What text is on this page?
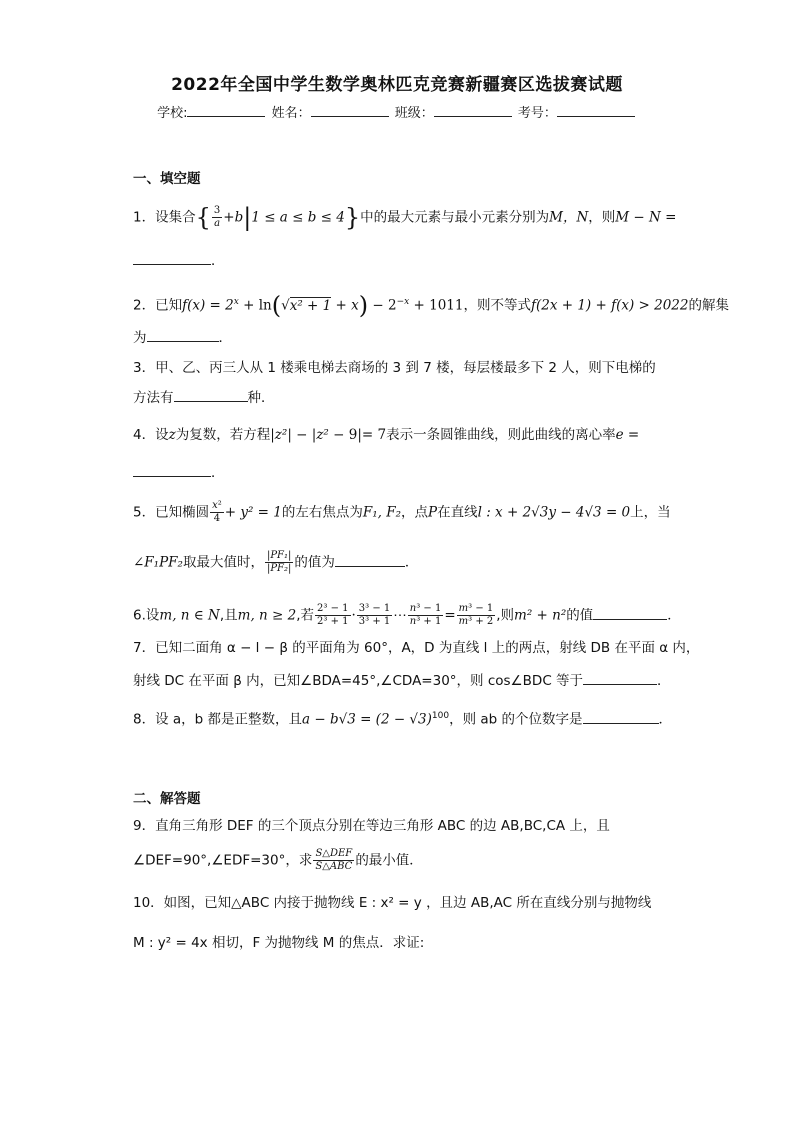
2022年全国中学生数学奥林匹克竞赛新疆赛区选拔赛试题
学校:	姓名：	班级：	考号：
一、填空题
1．设集合{ $\frac{3}{a} +b|1 \le a \le b \le 4$}中的最大元素与最小元素分别为M，N，则M − N =
．
2．已知$f(x) = 2^x + \ln(√x^2 + 1 + x) - 2^{-x} + 1011$，则不等式f(2x + 1) + f(x) > 2022的解集
为	．
3．甲、乙、丙三人从 1 楼乘电梯去商场的 3 到 7 楼，每层楼最多下 2 人，则下电梯的
方法有	种．
4．设z为复数，若方程|z²| − |z² − 9|= 7表示一条圆锥曲线，则此曲线的离心率e =
．
5．已知椭圆 $\frac{\text{x²}}{4} + y^2 = 1$的左右焦点为F₁, F₂，点P在直线l : x + 2√3y − 4√3 = 0上，当
∠F₁PF₂取最大值时， $\frac{\text{|PF₁|}}{\text{|PF₂|}}$ 的值为	．
6.设m, n ∈ N,且m, n ≥ 2,若 $\frac{\text{2³ − 1}}{\text{2³ + 1}} \cdot \frac{\text{3³ − 1}}{\text{3³ + 1}}$ ⋯ $\frac{\text{n³ − 1}}{\text{n³ + 1}} = \frac{\text{m³ − 1}}{\text{m³ + 2}}$ ,则m² + n²的值	．
7．已知二面角 α − l − β 的平面角为 60°，A，D 为直线 l 上的两点，射线 DB 在平面 α 内，
射线 DC 在平面 β 内，已知∠BDA=45°,∠CDA=30°，则 cos∠BDC 等于	．
8．设 a，b 都是正整数，且$a - b√3 = (2 - √3)^{100}$，则 ab 的个位数字是	．
二、解答题
9．直角三角形 DEF 的三个顶点分别在等边三角形 ABC 的边 AB,BC,CA 上，且
∠DEF=90°,∠EDF=30°，求 $\frac{\text{S△DEF}}{\text{S△ABC}}$ 的最小值．
10．如图，已知△ABC 内接于抛物线 E : x² = y ，且边 AB,AC 所在直线分别与抛物线
M : y² = 4x 相切，F 为抛物线 M 的焦点．求证:
